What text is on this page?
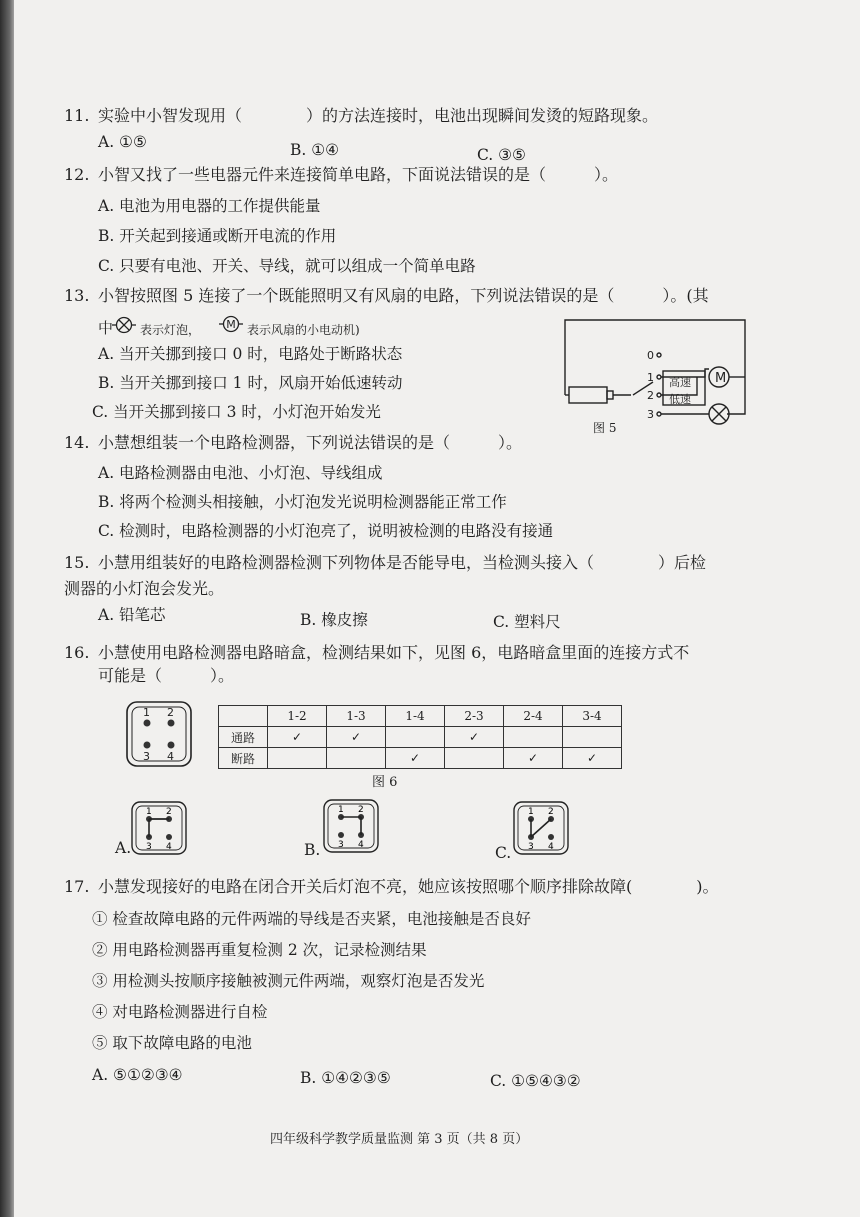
11. 实验中小智发现用（　　　　）的方法连接时，电池出现瞬间发烫的短路现象。
A. ①⑤	B. ①④	C. ③⑤
12. 小智又找了一些电器元件来连接简单电路，下面说法错误的是（　　　）。
A. 电池为用电器的工作提供能量
B. 开关起到接通或断开电流的作用
C. 只要有电池、开关、导线，就可以组成一个简单电路
13. 小智按照图 5 连接了一个既能照明又有风扇的电路，下列说法错误的是（　　　）。(其
中 表示灯泡， M 表示风扇的小电动机)
A. 当开关挪到接口 0 时，电路处于断路状态
B. 当开关挪到接口 1 时，风扇开始低速转动
C. 当开关挪到接口 3 时，小灯泡开始发光
M
0
1
2
3
高速
低速
图 5
14. 小慧想组装一个电路检测器，下列说法错误的是（　　　）。
A. 电路检测器由电池、小灯泡、导线组成
B. 将两个检测头相接触，小灯泡发光说明检测器能正常工作
C. 检测时，电路检测器的小灯泡亮了，说明被检测的电路没有接通
15. 小慧用组装好的电路检测器检测下列物体是否能导电，当检测头接入（　　　　）后检
测器的小灯泡会发光。
A. 铅笔芯	B. 橡皮擦	C. 塑料尺
16. 小慧使用电路检测器电路暗盒，检测结果如下，见图 6，电路暗盒里面的连接方式不
可能是（　　　）。
1 2
3 4
	1-2	1-3	1-4	2-3	2-4	3-4
通路	✓	✓		✓		
断路			✓		✓	✓
图 6
A.
1 2
3 4	B.
1 2
3 4	C.
1 2
3 4
17. 小慧发现接好的电路在闭合开关后灯泡不亮，她应该按照哪个顺序排除故障(　　　　)。
① 检查故障电路的元件两端的导线是否夹紧，电池接触是否良好
② 用电路检测器再重复检测 2 次，记录检测结果
③ 用检测头按顺序接触被测元件两端，观察灯泡是否发光
④ 对电路检测器进行自检
⑤ 取下故障电路的电池
A. ⑤①②③④	B. ①④②③⑤	C. ①⑤④③②
四年级科学教学质量监测 第 3 页（共 8 页）
